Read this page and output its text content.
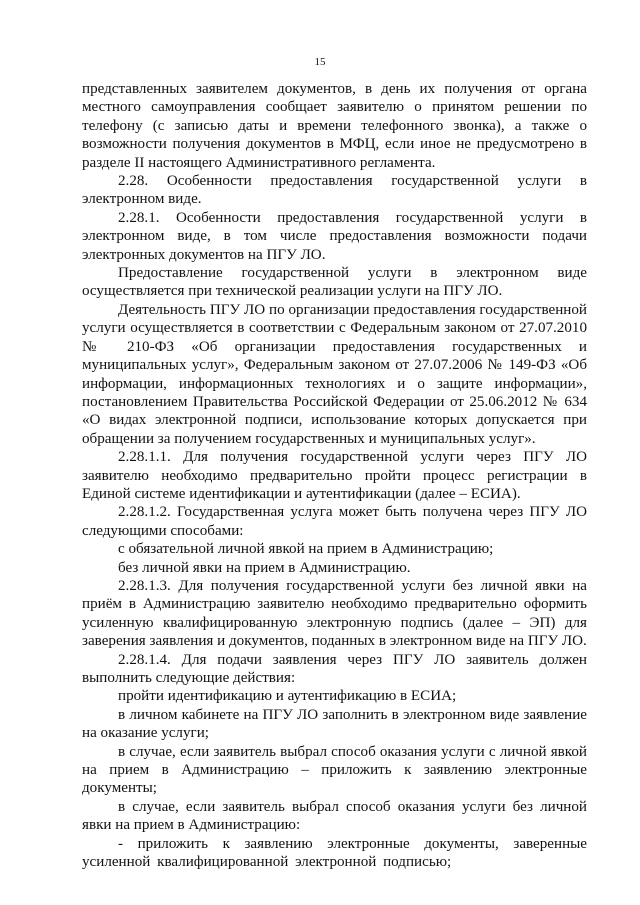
15

представленных заявителем документов, в день их получения от органа местного самоуправления сообщает заявителю о принятом решении по телефону (с записью даты и времени телефонного звонка), а также о возможности получения документов в МФЦ, если иное не предусмотрено в разделе II настоящего Административного регламента.

2.28. Особенности предоставления государственной услуги в электронном виде.

2.28.1. Особенности предоставления государственной услуги в электронном виде, в том числе предоставления возможности подачи электронных документов на ПГУ ЛО.

Предоставление государственной услуги в электронном виде осуществляется при технической реализации услуги на ПГУ ЛО.

Деятельность ПГУ ЛО по организации предоставления государственной услуги осуществляется в соответствии с Федеральным законом от 27.07.2010 № 210-ФЗ «Об организации предоставления государственных и муниципальных услуг», Федеральным законом от 27.07.2006 № 149-ФЗ «Об информации, информационных технологиях и о защите информации», постановлением Правительства Российской Федерации от 25.06.2012 № 634 «О видах электронной подписи, использование которых допускается при обращении за получением государственных и муниципальных услуг».

2.28.1.1. Для получения государственной услуги через ПГУ ЛО заявителю необходимо предварительно пройти процесс регистрации в Единой системе идентификации и аутентификации (далее – ЕСИА).

2.28.1.2. Государственная услуга может быть получена через ПГУ ЛО следующими способами:

с обязательной личной явкой на прием в Администрацию;

без личной явки на прием в Администрацию.

2.28.1.3. Для получения государственной услуги без личной явки на приём в Администрацию заявителю необходимо предварительно оформить усиленную квалифицированную электронную подпись (далее – ЭП) для заверения заявления и документов, поданных в электронном виде на ПГУ ЛО.

2.28.1.4. Для подачи заявления через ПГУ ЛО заявитель должен выполнить следующие действия:

пройти идентификацию и аутентификацию в ЕСИА;

в личном кабинете на ПГУ ЛО заполнить в электронном виде заявление на оказание услуги;

в случае, если заявитель выбрал способ оказания услуги с личной явкой на прием в Администрацию – приложить к заявлению электронные документы;

в случае, если заявитель выбрал способ оказания услуги без личной явки на прием в Администрацию:

- приложить к заявлению электронные документы, заверенные усиленной квалифицированной электронной подписью;
